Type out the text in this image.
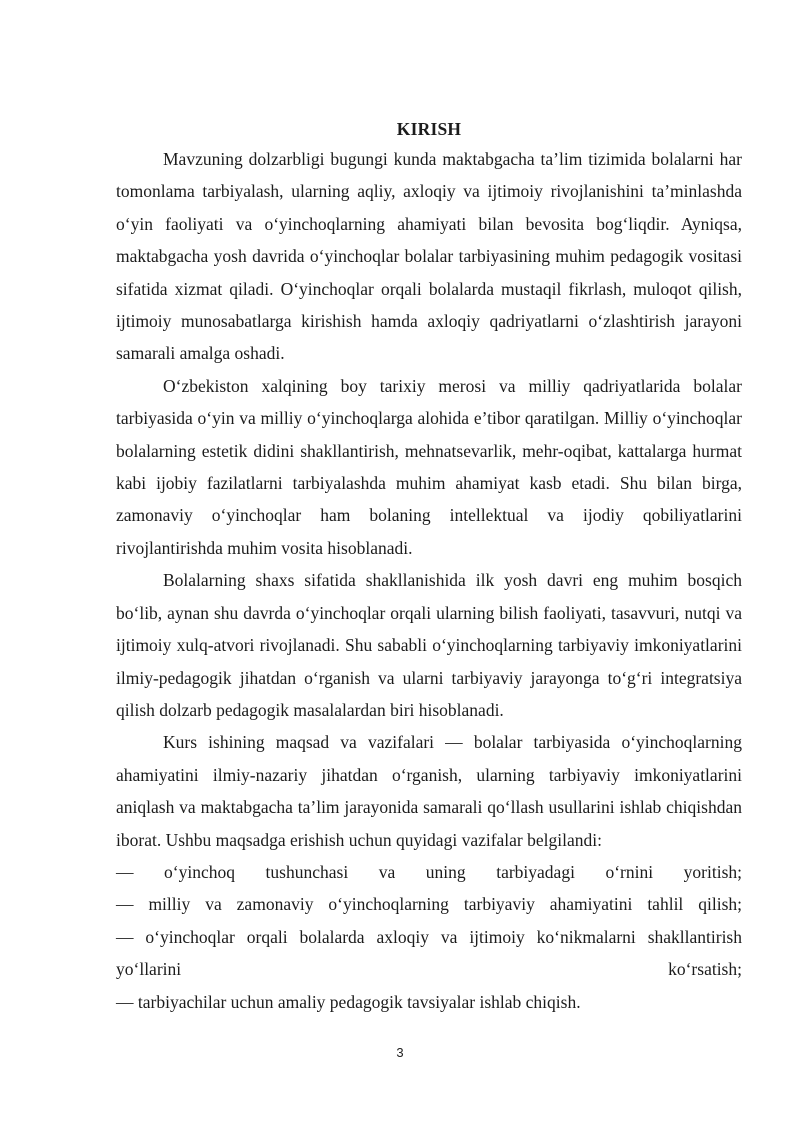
KIRISH

Mavzuning dolzarbligi bugungi kunda maktabgacha ta’lim tizimida bolalarni har tomonlama tarbiyalash, ularning aqliy, axloqiy va ijtimoiy rivojlanishini ta’minlashda o‘yin faoliyati va o‘yinchoqlarning ahamiyati bilan bevosita bog‘liqdir. Ayniqsa, maktabgacha yosh davrida o‘yinchoqlar bolalar tarbiyasining muhim pedagogik vositasi sifatida xizmat qiladi. O‘yinchoqlar orqali bolalarda mustaqil fikrlash, muloqot qilish, ijtimoiy munosabatlarga kirishish hamda axloqiy qadriyatlarni o‘zlashtirish jarayoni samarali amalga oshadi.

O‘zbekiston xalqining boy tarixiy merosi va milliy qadriyatlarida bolalar tarbiyasida o‘yin va milliy o‘yinchoqlarga alohida e’tibor qaratilgan. Milliy o‘yinchoqlar bolalarning estetik didini shakllantirish, mehnatsevarlik, mehr-oqibat, kattalarga hurmat kabi ijobiy fazilatlarni tarbiyalashda muhim ahamiyat kasb etadi. Shu bilan birga, zamonaviy o‘yinchoqlar ham bolaning intellektual va ijodiy qobiliyatlarini rivojlantirishda muhim vosita hisoblanadi.

Bolalarning shaxs sifatida shakllanishida ilk yosh davri eng muhim bosqich bo‘lib, aynan shu davrda o‘yinchoqlar orqali ularning bilish faoliyati, tasavvuri, nutqi va ijtimoiy xulq-atvori rivojlanadi. Shu sababli o‘yinchoqlarning tarbiyaviy imkoniyatlarini ilmiy-pedagogik jihatdan o‘rganish va ularni tarbiyaviy jarayonga to‘g‘ri integratsiya qilish dolzarb pedagogik masalalardan biri hisoblanadi.

Kurs ishining maqsad va vazifalari — bolalar tarbiyasida o‘yinchoqlarning ahamiyatini ilmiy-nazariy jihatdan o‘rganish, ularning tarbiyaviy imkoniyatlarini aniqlash va maktabgacha ta’lim jarayonida samarali qo‘llash usullarini ishlab chiqishdan iborat. Ushbu maqsadga erishish uchun quyidagi vazifalar belgilandi:

— o‘yinchoq tushunchasi va uning tarbiyadagi o‘rnini yoritish;

— milliy va zamonaviy o‘yinchoqlarning tarbiyaviy ahamiyatini tahlil qilish;

— o‘yinchoqlar orqali bolalarda axloqiy va ijtimoiy ko‘nikmalarni shakllantirish

yo‘llarini ko‘rsatish;

— tarbiyachilar uchun amaliy pedagogik tavsiyalar ishlab chiqish.

3
